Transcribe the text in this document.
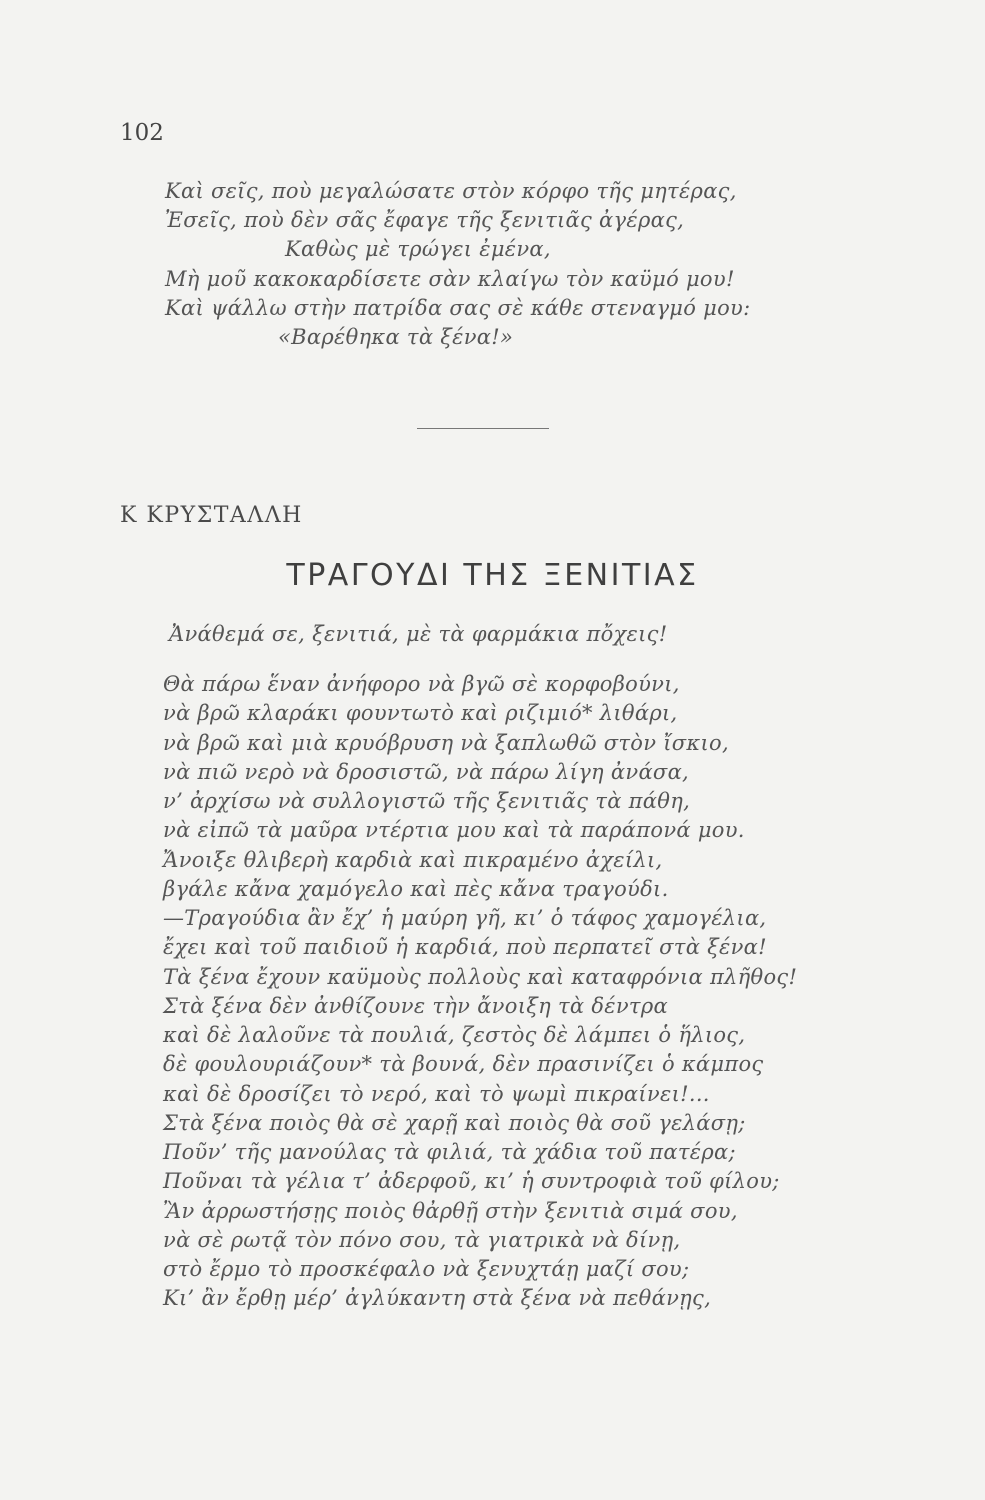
102
Καὶ σεῖς, ποὺ μεγαλώσατε στὸν κόρφο τῆς μητέρας,
Ἐσεῖς, ποὺ δὲν σᾶς ἔφαγε τῆς ξενιτιᾶς ἀγέρας,
Καθὼς μὲ τρώγει ἐμένα,
Μὴ μοῦ κακοκαρδίσετε σὰν κλαίγω τὸν καϋμό μου!
Καὶ ψάλλω στὴν πατρίδα σας σὲ κάθε στεναγμό μου:
«Βαρέθηκα τὰ ξένα!»
Κ ΚΡΥΣΤΑΛΛΗ
ΤΡΑΓΟΥΔΙ ΤΗΣ ΞΕΝΙΤΙΑΣ
Ἀνάθεμά σε, ξενιτιά, μὲ τὰ φαρμάκια πὄχεις!
Θὰ πάρω ἕναν ἀνήφορο νὰ βγῶ σὲ κορφοβούνι,
νὰ βρῶ κλαράκι φουντωτὸ καὶ ριζιμιό* λιθάρι,
νὰ βρῶ καὶ μιὰ κρυόβρυση νὰ ξαπλωθῶ στὸν ἴσκιο,
νὰ πιῶ νερὸ νὰ δροσιστῶ, νὰ πάρω λίγη ἀνάσα,
ν’ ἀρχίσω νὰ συλλογιστῶ τῆς ξενιτιᾶς τὰ πάθη,
νὰ εἰπῶ τὰ μαῦρα ντέρτια μου καὶ τὰ παράπονά μου.
Ἄνοιξε θλιβερὴ καρδιὰ καὶ πικραμένο ἀχείλι,
βγάλε κἄνα χαμόγελο καὶ πὲς κἄνα τραγούδι.
—Τραγούδια ἂν ἔχ’ ἡ μαύρη γῆ, κι’ ὁ τάφος χαμογέλια,
ἔχει καὶ τοῦ παιδιοῦ ἡ καρδιά, ποὺ περπατεῖ στὰ ξένα!
Τὰ ξένα ἔχουν καϋμοὺς πολλοὺς καὶ καταφρόνια πλῆθος!
Στὰ ξένα δὲν ἀνθίζουνε τὴν ἄνοιξη τὰ δέντρα
καὶ δὲ λαλοῦνε τὰ πουλιά, ζεστὸς δὲ λάμπει ὁ ἥλιος,
δὲ φουλουριάζουν* τὰ βουνά, δὲν πρασινίζει ὁ κάμπος
καὶ δὲ δροσίζει τὸ νερό, καὶ τὸ ψωμὶ πικραίνει!...
Στὰ ξένα ποιὸς θὰ σὲ χαρῇ καὶ ποιὸς θὰ σοῦ γελάσῃ;
Ποῦν’ τῆς μανούλας τὰ φιλιά, τὰ χάδια τοῦ πατέρα;
Ποῦναι τὰ γέλια τ’ ἀδερφοῦ, κι’ ἡ συντροφιὰ τοῦ φίλου;
Ἂν ἀρρωστήσῃς ποιὸς θἀρθῇ στὴν ξενιτιὰ σιμά σου,
νὰ σὲ ρωτᾷ τὸν πόνο σου, τὰ γιατρικὰ νὰ δίνῃ,
στὸ ἔρμο τὸ προσκέφαλο νὰ ξενυχτάῃ μαζί σου;
Κι’ ἂν ἔρθῃ μέρ’ ἀγλύκαντη στὰ ξένα νὰ πεθάνῃς,
